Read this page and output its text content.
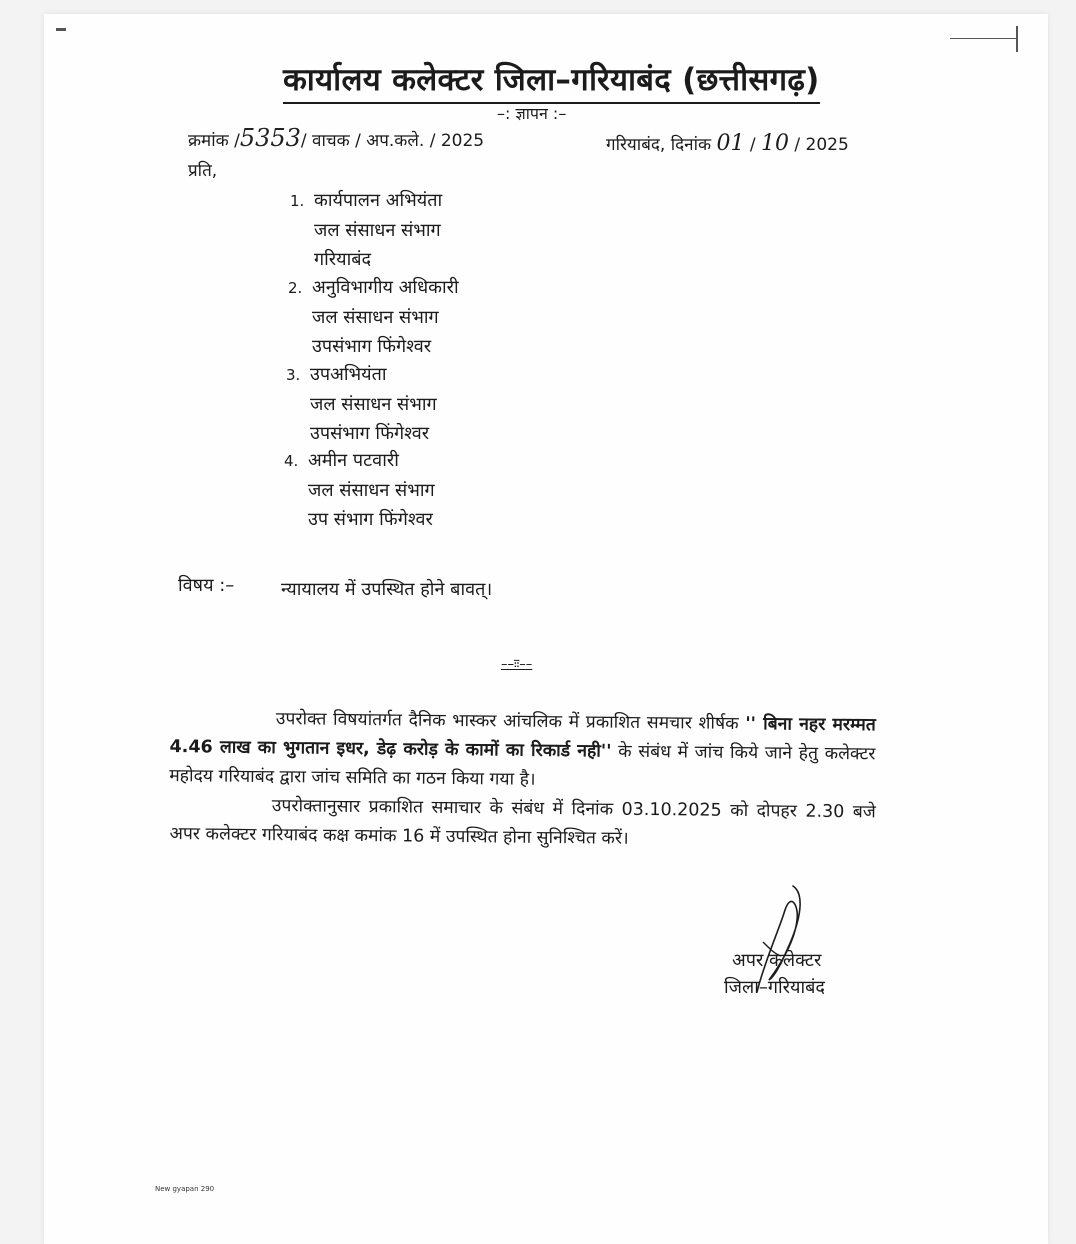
कार्यालय कलेक्टर जिला–गरियाबंद (छत्तीसगढ़)
–: ज्ञापन :–
क्रमांक /5353/ वाचक / अप.कले. / 2025	गरियाबंद, दिनांक 01 / 10 / 2025
प्रति,
1. कार्यपालन अभियंता
जल संसाधन संभाग
गरियाबंद
2. अनुविभागीय अधिकारी
जल संसाधन संभाग
उपसंभाग फिंगेश्वर
3. उपअभियंता
जल संसाधन संभाग
उपसंभाग फिंगेश्वर
4. अमीन पटवारी
जल संसाधन संभाग
उप संभाग फिंगेश्वर
विषय :–	न्यायालय में उपस्थित होने बावत्।
––ःः––
उपरोक्त विषयांतर्गत दैनिक भास्कर आंचलिक में प्रकाशित समचार शीर्षक '' बिना नहर मरम्मत 4.46 लाख का भुगतान इधर, डेढ़ करोड़ के कामों का रिकार्ड नही'' के संबंध में जांच किये जाने हेतु कलेक्टर महोदय गरियाबंद द्वारा जांच समिति का गठन किया गया है।
उपरोक्तानुसार प्रकाशित समाचार के संबंध में दिनांक 03.10.2025 को दोपहर 2.30 बजे अपर कलेक्टर गरियाबंद कक्ष कमांक 16 में उपस्थित होना सुनिश्चित करें।
अपर कलेक्टर
जिला–गरियाबंद
New gyapan 290
